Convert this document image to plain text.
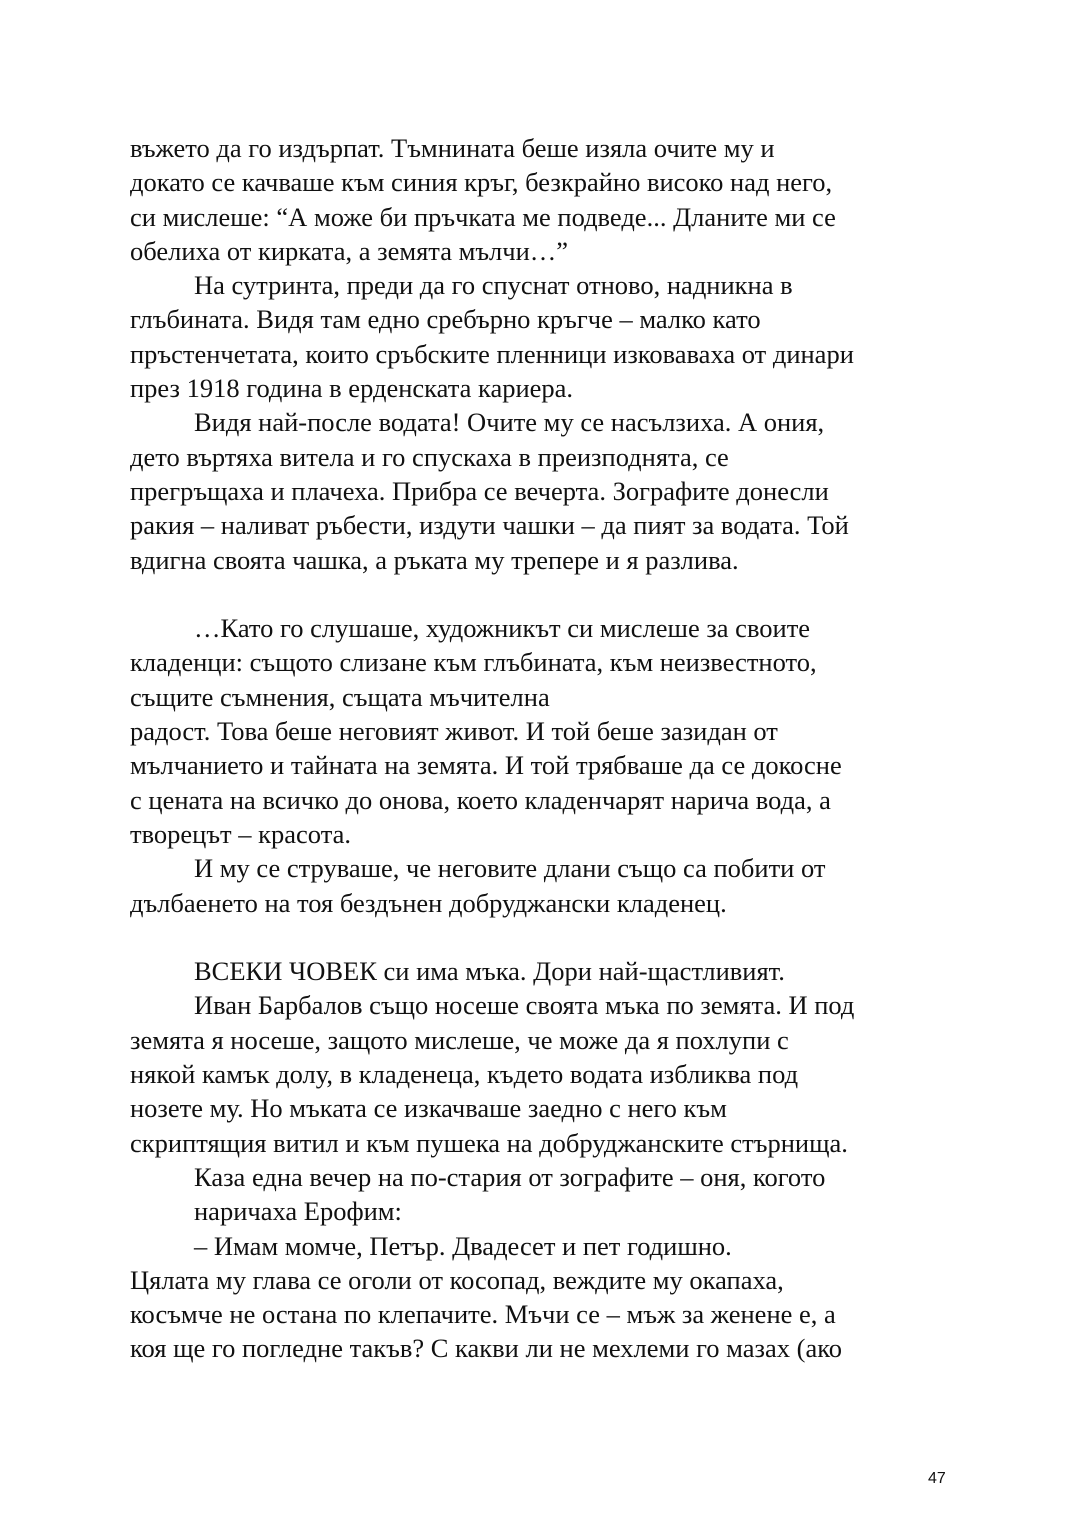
въжето да го издърпат. Тъмнината беше изяла очите му и
докато се качваше към синия кръг, безкрайно високо над него,
си мислеше: “А може би пръчката ме подведе... Дланите ми се
обелиха от кирката, а земята мълчи…”
На сутринта, преди да го спуснат отново, надникна в
глъбината. Видя там едно сребърно кръгче – малко като
пръстенчетата, които сръбските пленници изковаваха от динари
през 1918 година в ерденската кариера.
Видя най-после водата! Очите му се насълзиха. А ония,
дето въртяха витела и го спускаха в преизподнята, се
прегръщаха и плачеха. Прибра се вечерта. Зографите донесли
ракия – наливат ръбести, издути чашки – да пият за водата. Той
вдигна своята чашка, а ръката му трепере и я разлива.
…Като го слушаше, художникът си мислеше за своите
кладенци: същото слизане към глъбината, към неизвестното,
същите съмнения, същата мъчителна
радост. Това беше неговият живот. И той беше зазидан от
мълчанието и тайната на земята. И той трябваше да се докосне
с цената на всичко до онова, което кладенчарят нарича вода, а
творецът – красота.
И му се струваше, че неговите длани също са побити от
дълбаенето на тоя бездънен добруджански кладенец.
ВСЕКИ ЧОВЕК си има мъка. Дори най-щастливият.
Иван Барбалов също носеше своята мъка по земята. И под
земята я носеше, защото мислеше, че може да я похлупи с
някой камък долу, в кладенеца, където водата избликва под
нозете му. Но мъката се изкачваше заедно с него към
скриптящия витил и към пушека на добруджанските стърнища.
Каза една вечер на по-стария от зографите – оня, когото
наричаха Ерофим:
– Имам момче, Петър. Двадесет и пет годишно.
Цялата му глава се оголи от косопад, веждите му окапаха,
косъмче не остана по клепачите. Мъчи се – мъж за женене е, а
коя ще го погледне такъв? С какви ли не мехлеми го мазах (ако
47
